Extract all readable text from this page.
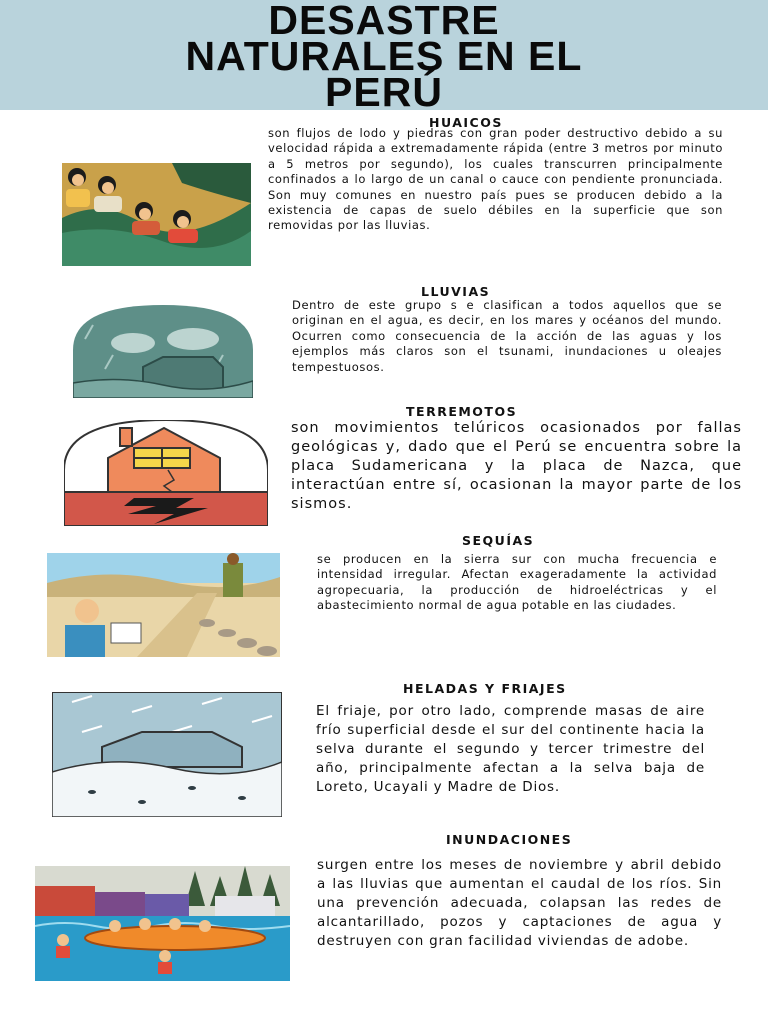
DESASTRE
NATURALES EN EL
PERÚ
HUAICOS
son flujos de lodo y piedras con gran poder destructivo debido a su velocidad rápida a extremadamente rápida (entre 3 metros por minuto a 5 metros por segundo), los cuales transcurren principalmente confinados a lo largo de un canal o cauce con pendiente pronunciada. Son muy comunes en nuestro país pues se producen debido a la existencia de capas de suelo débiles en la superficie que son removidas por las lluvias.
LLUVIAS
Dentro de este grupo s e clasifican a todos aquellos que se originan en el agua, es decir, en los mares y océanos del mundo. Ocurren como consecuencia de la acción de las aguas y los ejemplos más claros son el tsunami, inundaciones u oleajes tempestuosos.
TERREMOTOS
son movimientos telúricos ocasionados por fallas geológicas y, dado que el Perú se encuentra sobre la placa Sudamericana y la placa de Nazca, que interactúan entre sí, ocasionan la mayor parte de los sismos.
SEQUÍAS
se producen en la sierra sur con mucha frecuencia e intensidad irregular. Afectan exageradamente la actividad agropecuaria, la producción de hidroeléctricas y el abastecimiento normal de agua potable en las ciudades.
HELADAS Y FRIAJES
El friaje, por otro lado, comprende masas de aire frío superficial desde el sur del continente hacia la selva durante el segundo y tercer trimestre del año, principalmente afectan a la selva baja de Loreto, Ucayali y Madre de Dios.
INUNDACIONES
surgen entre los meses de noviembre y abril debido a las lluvias que aumentan el caudal de los ríos. Sin una prevención adecuada, colapsan las redes de alcantarillado, pozos y captaciones de agua y destruyen con gran facilidad viviendas de adobe.
